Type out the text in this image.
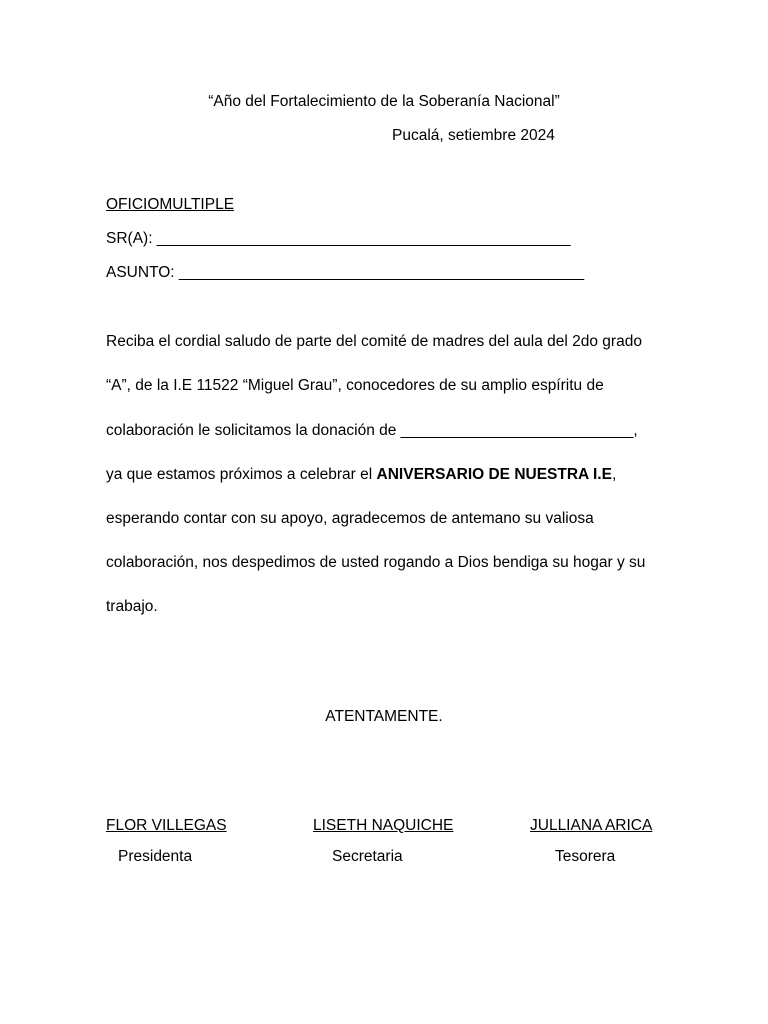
“Año del Fortalecimiento de la Soberanía Nacional”
Pucalá, setiembre 2024
OFICIOMULTIPLE
SR(A): ________________________________________________
ASUNTO: _______________________________________________
Reciba el cordial saludo de parte del comité de madres del aula del 2do grado
“A”, de la I.E 11522 “Miguel Grau”, conocedores de su amplio espíritu de
colaboración le solicitamos la donación de ___________________________,
ya que estamos próximos a celebrar el ANIVERSARIO DE NUESTRA I.E,
esperando contar con su apoyo, agradecemos de antemano su valiosa
colaboración, nos despedimos de usted rogando a Dios bendiga su hogar y su
trabajo.
ATENTAMENTE.
FLOR VILLEGAS
Presidenta
LISETH NAQUICHE
Secretaria
JULLIANA ARICA
Tesorera
